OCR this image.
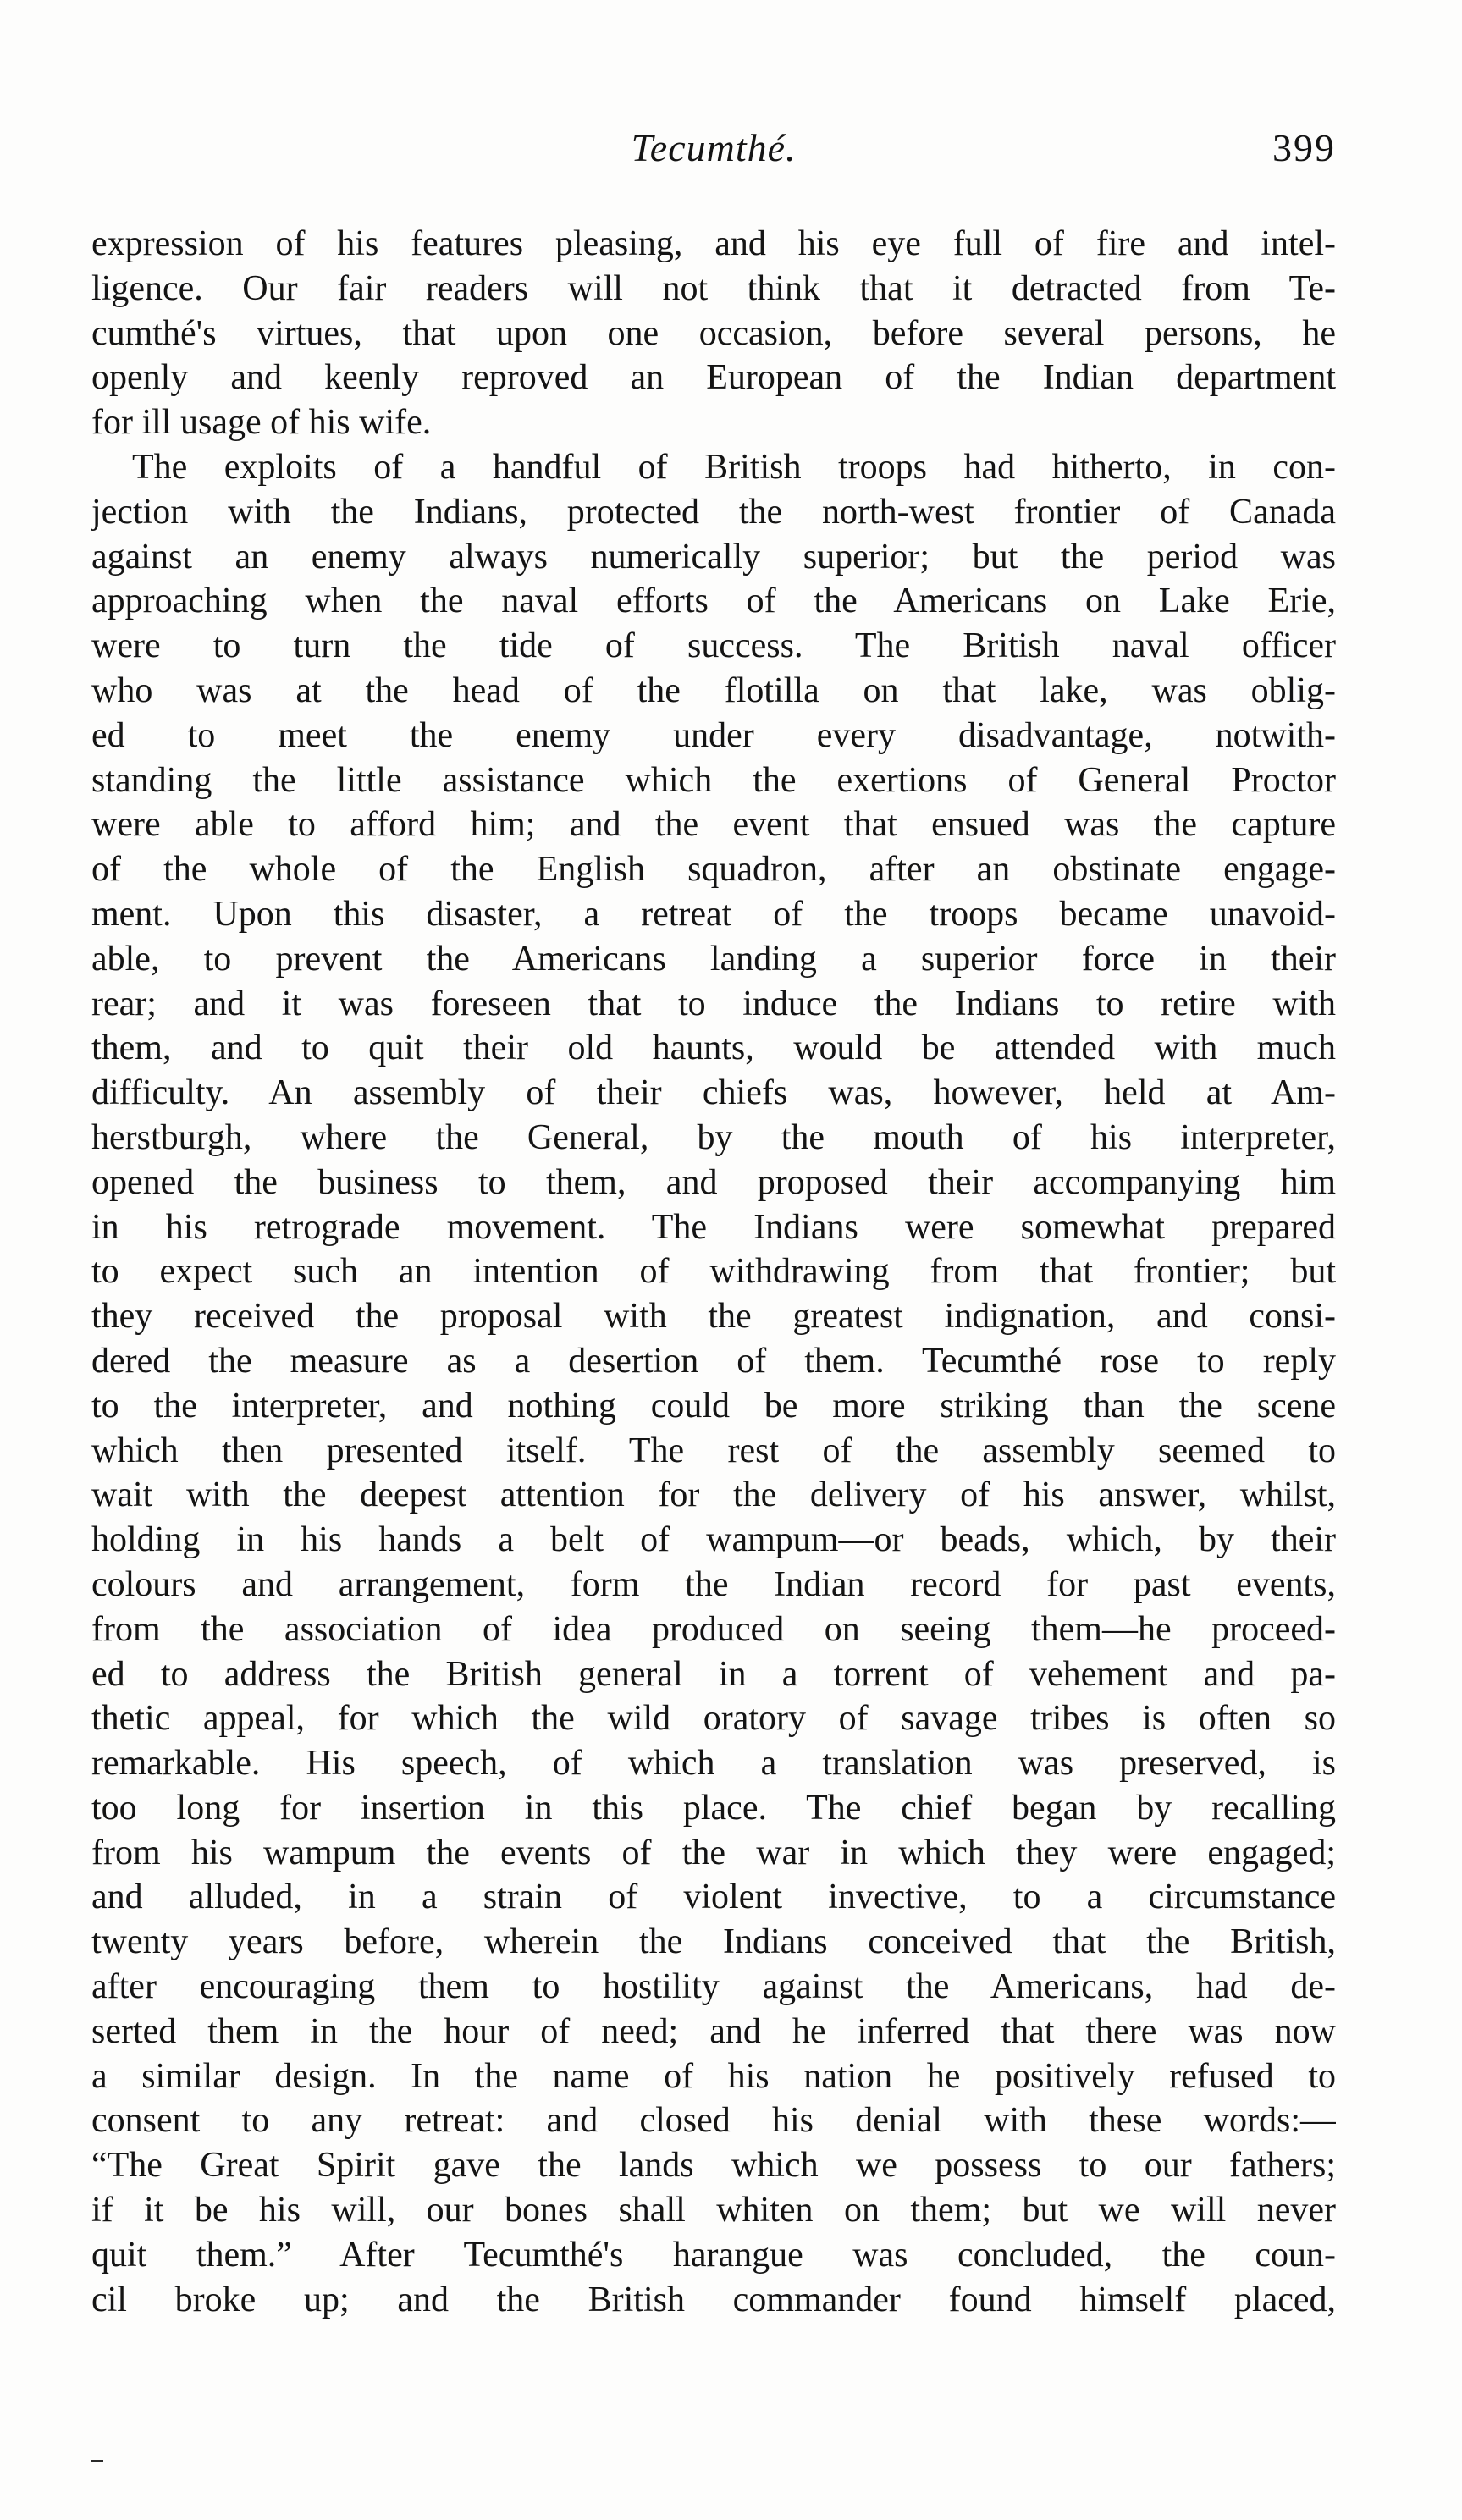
Tecumthé.	399
expression of his features pleasing, and his eye full of fire and intel-
ligence. Our fair readers will not think that it detracted from Te-
cumthé's virtues, that upon one occasion, before several persons, he
openly and keenly reproved an European of the Indian department
for ill usage of his wife.
The exploits of a handful of British troops had hitherto, in con-
jection with the Indians, protected the north-west frontier of Canada
against an enemy always numerically superior; but the period was
approaching when the naval efforts of the Americans on Lake Erie,
were to turn the tide of success. The British naval officer
who was at the head of the flotilla on that lake, was oblig-
ed to meet the enemy under every disadvantage, notwith-
standing the little assistance which the exertions of General Proctor
were able to afford him; and the event that ensued was the capture
of the whole of the English squadron, after an obstinate engage-
ment. Upon this disaster, a retreat of the troops became unavoid-
able, to prevent the Americans landing a superior force in their
rear; and it was foreseen that to induce the Indians to retire with
them, and to quit their old haunts, would be attended with much
difficulty. An assembly of their chiefs was, however, held at Am-
herstburgh, where the General, by the mouth of his interpreter,
opened the business to them, and proposed their accompanying him
in his retrograde movement. The Indians were somewhat prepared
to expect such an intention of withdrawing from that frontier; but
they received the proposal with the greatest indignation, and consi-
dered the measure as a desertion of them. Tecumthé rose to reply
to the interpreter, and nothing could be more striking than the scene
which then presented itself. The rest of the assembly seemed to
wait with the deepest attention for the delivery of his answer, whilst,
holding in his hands a belt of wampum—or beads, which, by their
colours and arrangement, form the Indian record for past events,
from the association of idea produced on seeing them—he proceed-
ed to address the British general in a torrent of vehement and pa-
thetic appeal, for which the wild oratory of savage tribes is often so
remarkable. His speech, of which a translation was preserved, is
too long for insertion in this place. The chief began by recalling
from his wampum the events of the war in which they were engaged;
and alluded, in a strain of violent invective, to a circumstance
twenty years before, wherein the Indians conceived that the British,
after encouraging them to hostility against the Americans, had de-
serted them in the hour of need; and he inferred that there was now
a similar design. In the name of his nation he positively refused to
consent to any retreat: and closed his denial with these words:—
“The Great Spirit gave the lands which we possess to our fathers;
if it be his will, our bones shall whiten on them; but we will never
quit them.” After Tecumthé's harangue was concluded, the coun-
cil broke up; and the British commander found himself placed,
